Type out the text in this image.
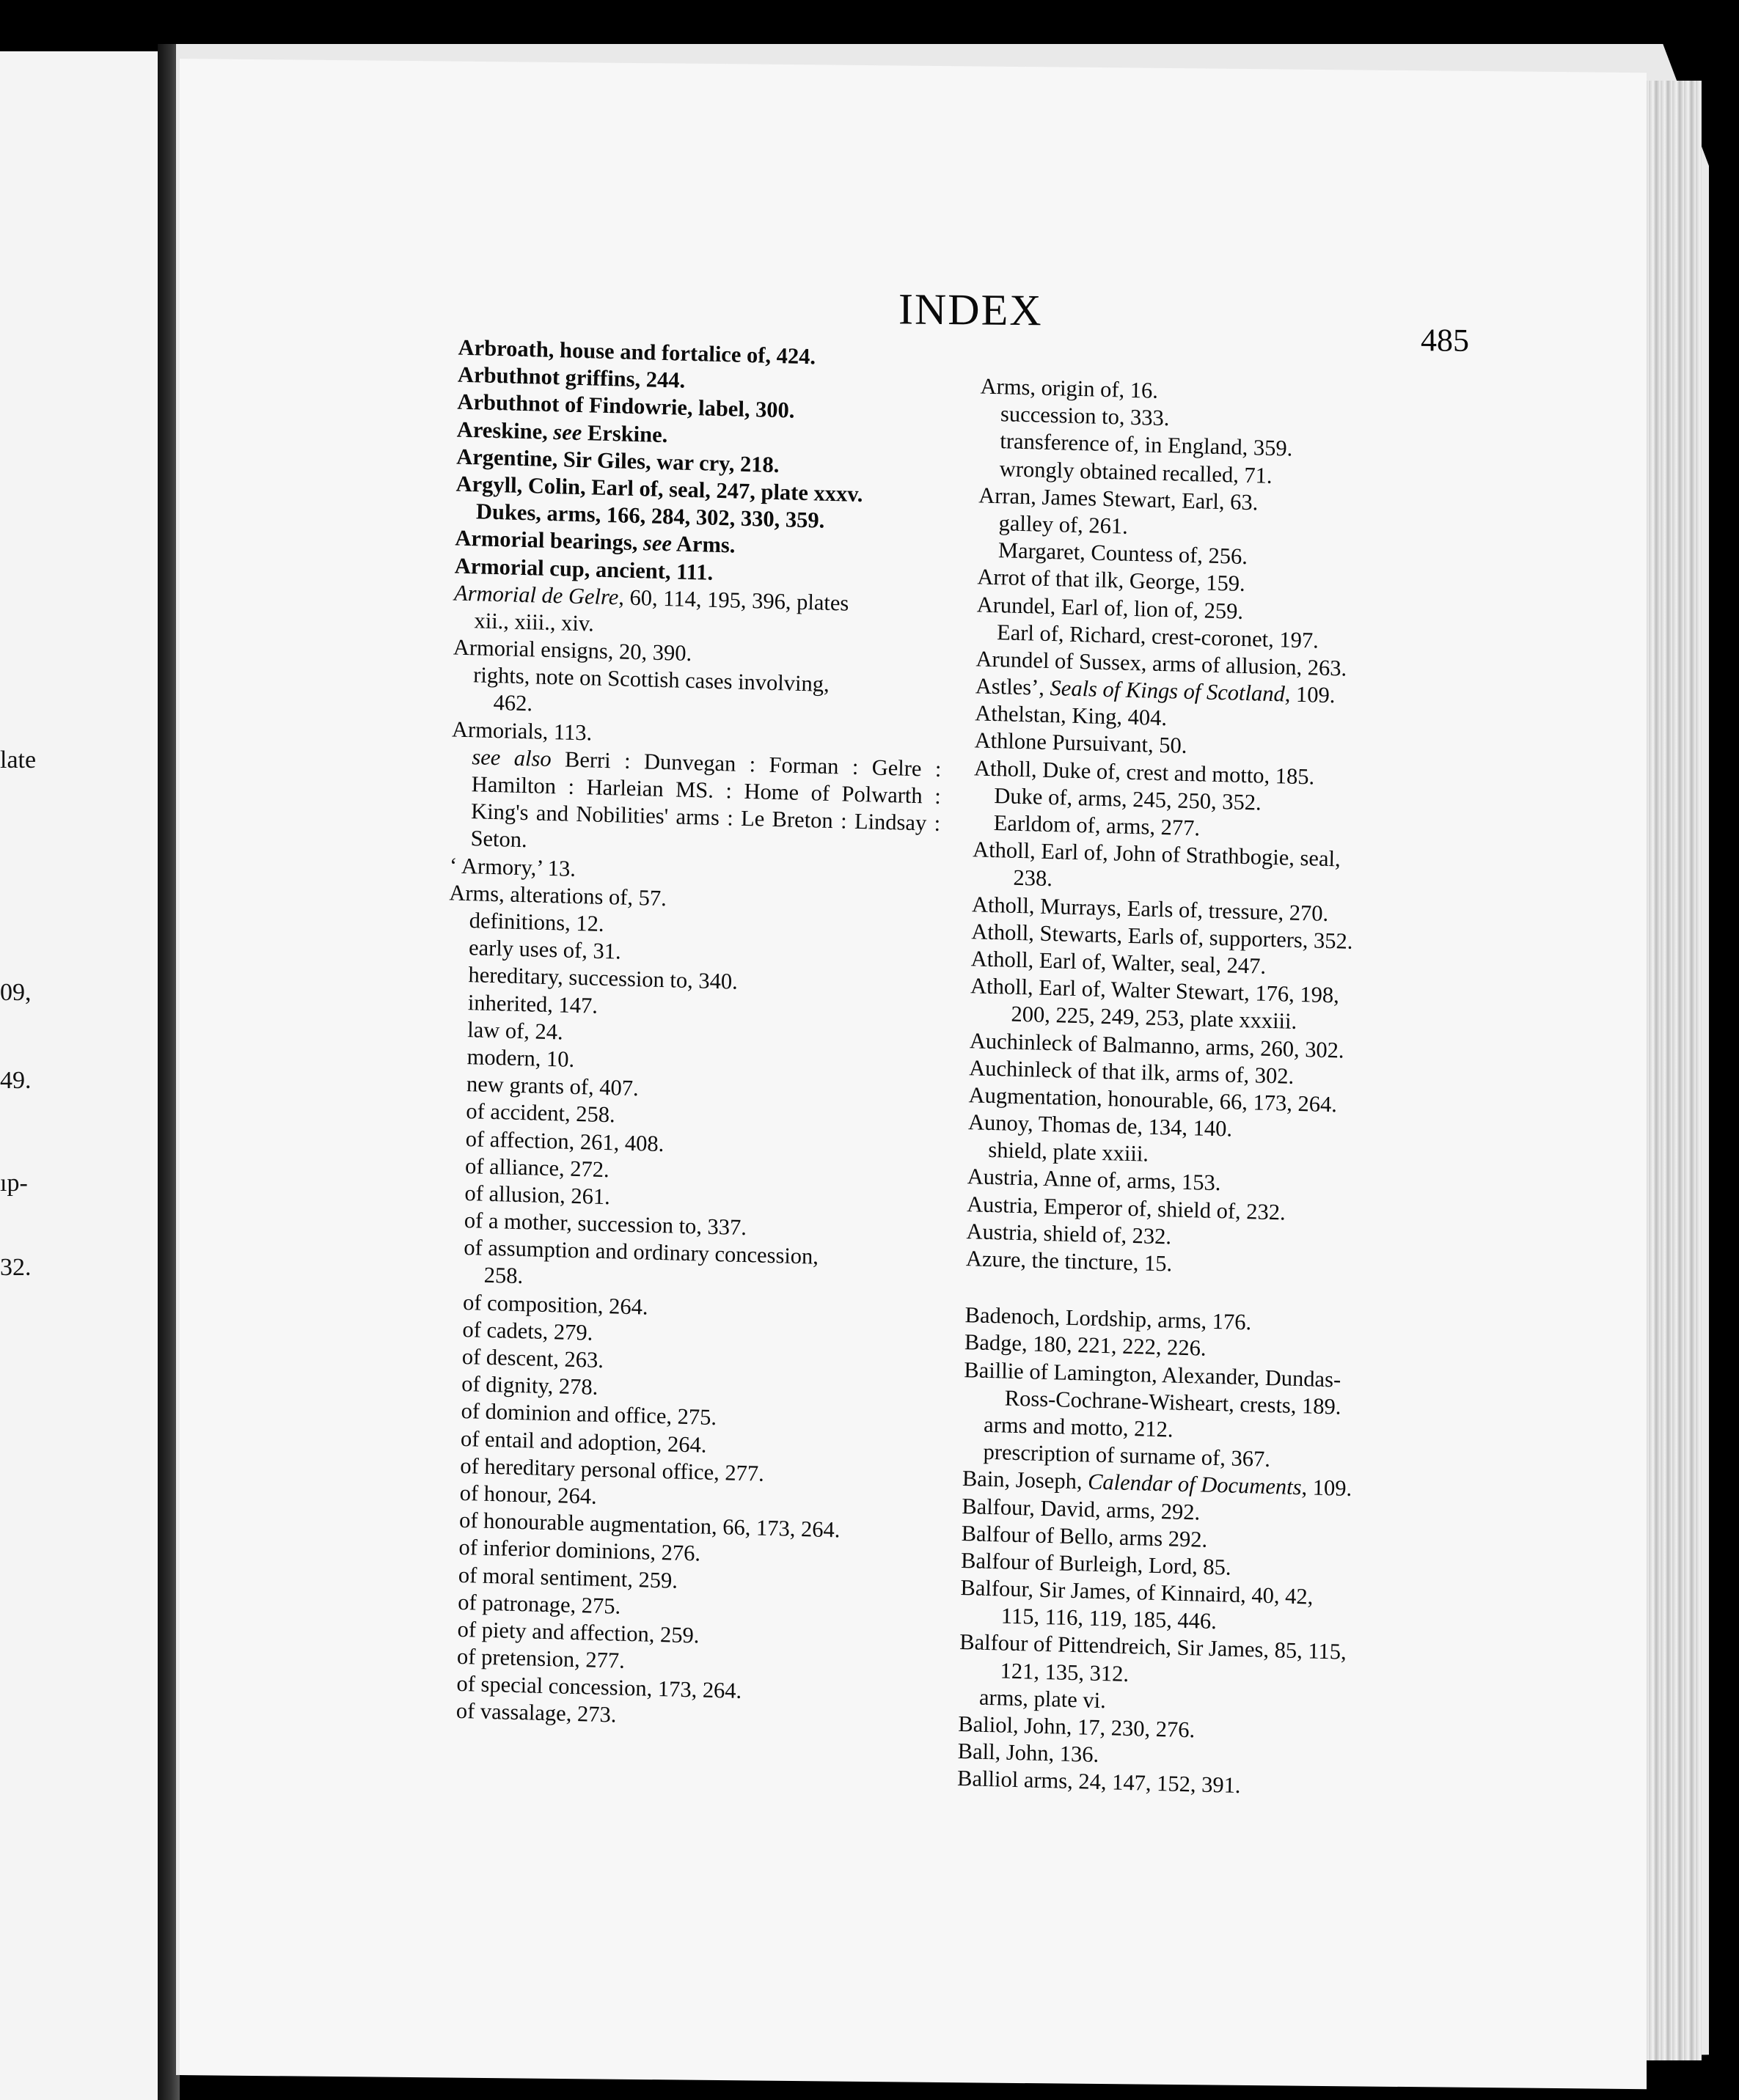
late
09,
49.
ıp-
32.
INDEX
485
Arbroath, house and fortalice of, 424.
Arbuthnot griffins, 244.
Arbuthnot of Findowrie, label, 300.
Areskine, see Erskine.
Argentine, Sir Giles, war cry, 218.
Argyll, Colin, Earl of, seal, 247, plate xxxv.
Dukes, arms, 166, 284, 302, 330, 359.
Armorial bearings, see Arms.
Armorial cup, ancient, 111.
Armorial de Gelre, 60, 114, 195, 396, plates
xii., xiii., xiv.
Armorial ensigns, 20, 390.
rights, note on Scottish cases involving,
462.
Armorials, 113.
see also Berri : Dunvegan : Forman : Gelre : Hamilton : Harleian MS. : Home of Polwarth : King's and Nobilities' arms : Le Breton : Lindsay : Seton.
‘ Armory,’ 13.
Arms, alterations of, 57.
definitions, 12.
early uses of, 31.
hereditary, succession to, 340.
inherited, 147.
law of, 24.
modern, 10.
new grants of, 407.
of accident, 258.
of affection, 261, 408.
of alliance, 272.
of allusion, 261.
of a mother, succession to, 337.
of assumption and ordinary concession,
258.
of composition, 264.
of cadets, 279.
of descent, 263.
of dignity, 278.
of dominion and office, 275.
of entail and adoption, 264.
of hereditary personal office, 277.
of honour, 264.
of honourable augmentation, 66, 173, 264.
of inferior dominions, 276.
of moral sentiment, 259.
of patronage, 275.
of piety and affection, 259.
of pretension, 277.
of special concession, 173, 264.
of vassalage, 273.
Arms, origin of, 16.
succession to, 333.
transference of, in England, 359.
wrongly obtained recalled, 71.
Arran, James Stewart, Earl, 63.
galley of, 261.
Margaret, Countess of, 256.
Arrot of that ilk, George, 159.
Arundel, Earl of, lion of, 259.
Earl of, Richard, crest-coronet, 197.
Arundel of Sussex, arms of allusion, 263.
Astles’, Seals of Kings of Scotland, 109.
Athelstan, King, 404.
Athlone Pursuivant, 50.
Atholl, Duke of, crest and motto, 185.
Duke of, arms, 245, 250, 352.
Earldom of, arms, 277.
Atholl, Earl of, John of Strathbogie, seal,
238.
Atholl, Murrays, Earls of, tressure, 270.
Atholl, Stewarts, Earls of, supporters, 352.
Atholl, Earl of, Walter, seal, 247.
Atholl, Earl of, Walter Stewart, 176, 198,
200, 225, 249, 253, plate xxxiii.
Auchinleck of Balmanno, arms, 260, 302.
Auchinleck of that ilk, arms of, 302.
Augmentation, honourable, 66, 173, 264.
Aunoy, Thomas de, 134, 140.
shield, plate xxiii.
Austria, Anne of, arms, 153.
Austria, Emperor of, shield of, 232.
Austria, shield of, 232.
Azure, the tincture, 15.
Badenoch, Lordship, arms, 176.
Badge, 180, 221, 222, 226.
Baillie of Lamington, Alexander, Dundas-
Ross-Cochrane-Wisheart, crests, 189.
arms and motto, 212.
prescription of surname of, 367.
Bain, Joseph, Calendar of Documents, 109.
Balfour, David, arms, 292.
Balfour of Bello, arms 292.
Balfour of Burleigh, Lord, 85.
Balfour, Sir James, of Kinnaird, 40, 42,
115, 116, 119, 185, 446.
Balfour of Pittendreich, Sir James, 85, 115,
121, 135, 312.
arms, plate vi.
Baliol, John, 17, 230, 276.
Ball, John, 136.
Balliol arms, 24, 147, 152, 391.
